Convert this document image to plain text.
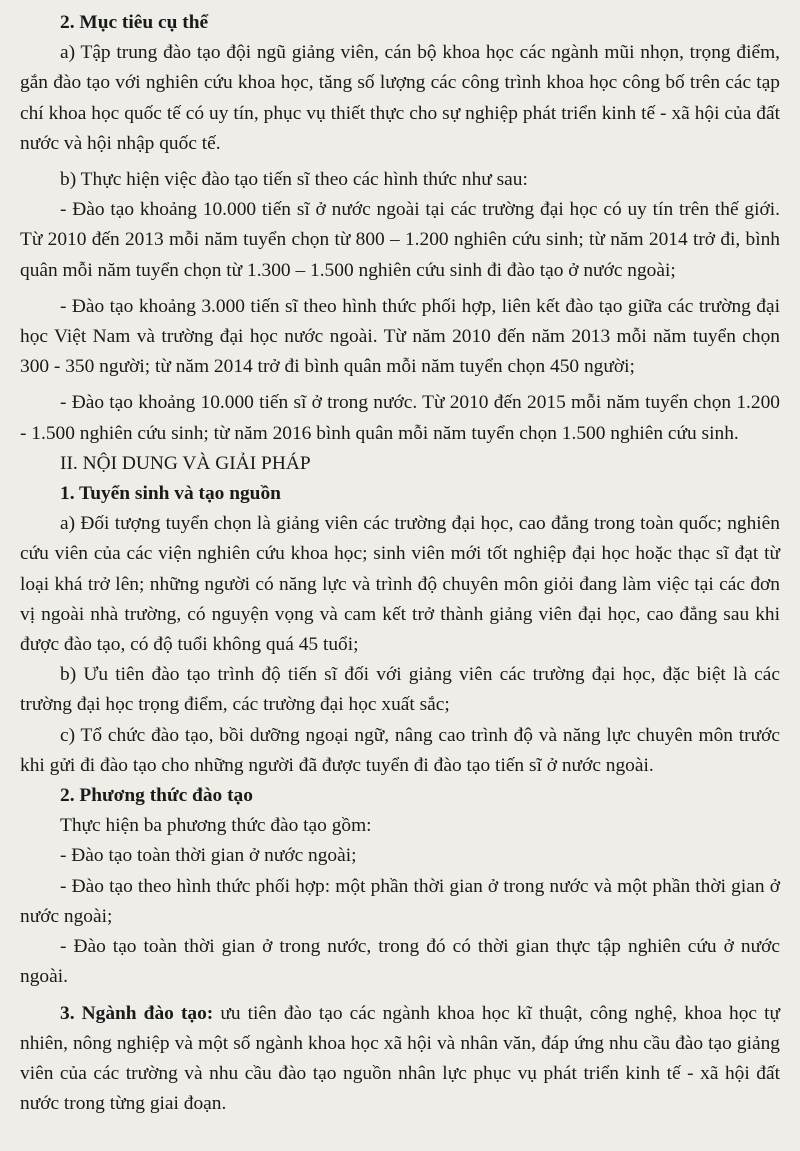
2. Mục tiêu cụ thể

a) Tập trung đào tạo đội ngũ giảng viên, cán bộ khoa học các ngành mũi nhọn, trọng điểm, gắn đào tạo với nghiên cứu khoa học, tăng số lượng các công trình khoa học công bố trên các tạp chí khoa học quốc tế có uy tín, phục vụ thiết thực cho sự nghiệp phát triển kinh tế - xã hội của đất nước và hội nhập quốc tế.

b) Thực hiện việc đào tạo tiến sĩ theo các hình thức như sau:

- Đào tạo khoảng 10.000 tiến sĩ ở nước ngoài tại các trường đại học có uy tín trên thế giới. Từ 2010 đến 2013 mỗi năm tuyển chọn từ 800 – 1.200 nghiên cứu sinh; từ năm 2014 trở đi, bình quân mỗi năm tuyển chọn từ 1.300 – 1.500 nghiên cứu sinh đi đào tạo ở nước ngoài;

- Đào tạo khoảng 3.000 tiến sĩ theo hình thức phối hợp, liên kết đào tạo giữa các trường đại học Việt Nam và trường đại học nước ngoài. Từ năm 2010 đến năm 2013 mỗi năm tuyển chọn 300 - 350 người; từ năm 2014 trở đi bình quân mỗi năm tuyển chọn 450 người;

- Đào tạo khoảng 10.000 tiến sĩ ở trong nước. Từ 2010 đến 2015 mỗi năm tuyển chọn 1.200 - 1.500 nghiên cứu sinh; từ năm 2016 bình quân mỗi năm tuyển chọn 1.500 nghiên cứu sinh.

II. NỘI DUNG VÀ GIẢI PHÁP

1. Tuyển sinh và tạo nguồn

a) Đối tượng tuyển chọn là giảng viên các trường đại học, cao đẳng trong toàn quốc; nghiên cứu viên của các viện nghiên cứu khoa học; sinh viên mới tốt nghiệp đại học hoặc thạc sĩ đạt từ loại khá trở lên; những người có năng lực và trình độ chuyên môn giỏi đang làm việc tại các đơn vị ngoài nhà trường, có nguyện vọng và cam kết trở thành giảng viên đại học, cao đẳng sau khi được đào tạo, có độ tuổi không quá 45 tuổi;

b) Ưu tiên đào tạo trình độ tiến sĩ đối với giảng viên các trường đại học, đặc biệt là các trường đại học trọng điểm, các trường đại học xuất sắc;

c) Tổ chức đào tạo, bồi dưỡng ngoại ngữ, nâng cao trình độ và năng lực chuyên môn trước khi gửi đi đào tạo cho những người đã được tuyển đi đào tạo tiến sĩ ở nước ngoài.

2. Phương thức đào tạo

Thực hiện ba phương thức đào tạo gồm:

- Đào tạo toàn thời gian ở nước ngoài;

- Đào tạo theo hình thức phối hợp: một phần thời gian ở trong nước và một phần thời gian ở nước ngoài;

- Đào tạo toàn thời gian ở trong nước, trong đó có thời gian thực tập nghiên cứu ở nước ngoài.

3. Ngành đào tạo: ưu tiên đào tạo các ngành khoa học kĩ thuật, công nghệ, khoa học tự nhiên, nông nghiệp và một số ngành khoa học xã hội và nhân văn, đáp ứng nhu cầu đào tạo giảng viên của các trường và nhu cầu đào tạo nguồn nhân lực phục vụ phát triển kinh tế - xã hội đất nước trong từng giai đoạn.
